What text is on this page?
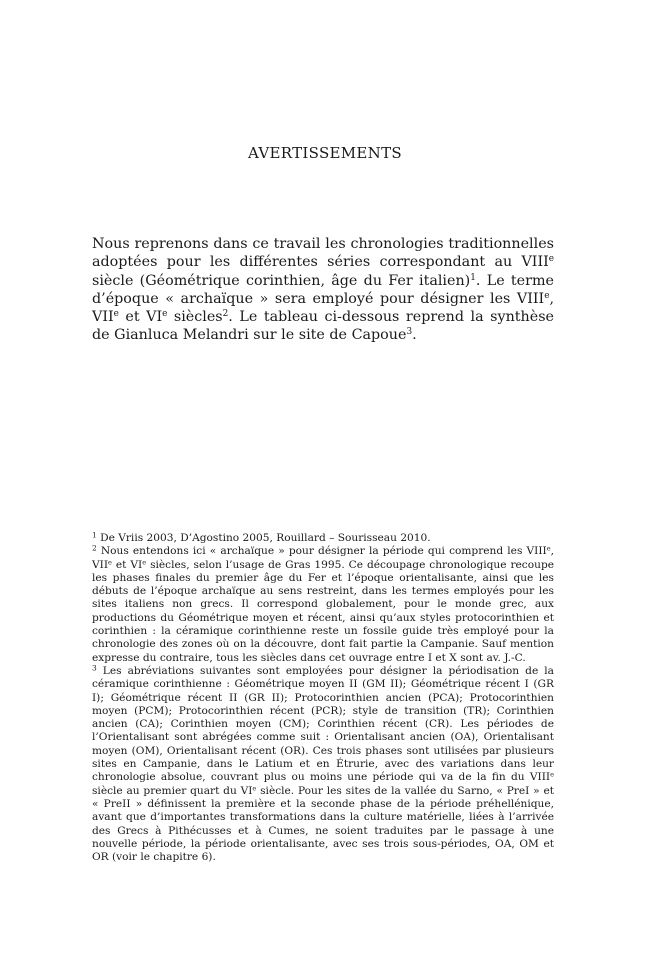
AVERTISSEMENTS

Nous reprenons dans ce travail les chronologies traditionnelles adoptées pour les différentes séries correspondant au VIIIe siècle (Géométrique corinthien, âge du Fer italien)$^1$. Le terme d’époque « archaïque » sera employé pour désigner les VIIIe, VIIe et VIe siècles$^2$. Le tableau ci-dessous reprend la synthèse de Gianluca Melandri sur le site de Capoue$^3$.

$^1$ De Vriis 2003, D’Agostino 2005, Rouillard – Sourisseau 2010.

$^2$ Nous entendons ici « archaïque » pour désigner la période qui comprend les VIIIe, VIIe et VIe siècles, selon l’usage de Gras 1995. Ce découpage chronologique recoupe les phases finales du premier âge du Fer et l’époque orientalisante, ainsi que les débuts de l’époque archaïque au sens restreint, dans les termes employés pour les sites italiens non grecs. Il correspond globalement, pour le monde grec, aux productions du Géométrique moyen et récent, ainsi qu’aux styles protocorinthien et corinthien : la céramique corinthienne reste un fossile guide très employé pour la chronologie des zones où on la découvre, dont fait partie la Campanie. Sauf mention expresse du contraire, tous les siècles dans cet ouvrage entre I et X sont av. J.-C.

$^3$ Les abréviations suivantes sont employées pour désigner la périodisation de la céramique corinthienne : Géométrique moyen II (GM II); Géométrique récent I (GR I); Géométrique récent II (GR II); Protocorinthien ancien (PCA); Protocorinthien moyen (PCM); Protocorinthien récent (PCR); style de transition (TR); Corinthien ancien (CA); Corinthien moyen (CM); Corinthien récent (CR). Les périodes de l’Orientalisant sont abrégées comme suit : Orientalisant ancien (OA), Orientalisant moyen (OM), Orientalisant récent (OR). Ces trois phases sont utilisées par plusieurs sites en Campanie, dans le Latium et en Étrurie, avec des variations dans leur chronologie absolue, couvrant plus ou moins une période qui va de la fin du VIIIe siècle au premier quart du VIe siècle. Pour les sites de la vallée du Sarno, « PreI » et « PreII » définissent la première et la seconde phase de la période préhellénique, avant que d’importantes transformations dans la culture matérielle, liées à l’arrivée des Grecs à Pithécusses et à Cumes, ne soient traduites par le passage à une nouvelle période, la période orientalisante, avec ses trois sous-périodes, OA, OM et OR (voir le chapitre 6).
